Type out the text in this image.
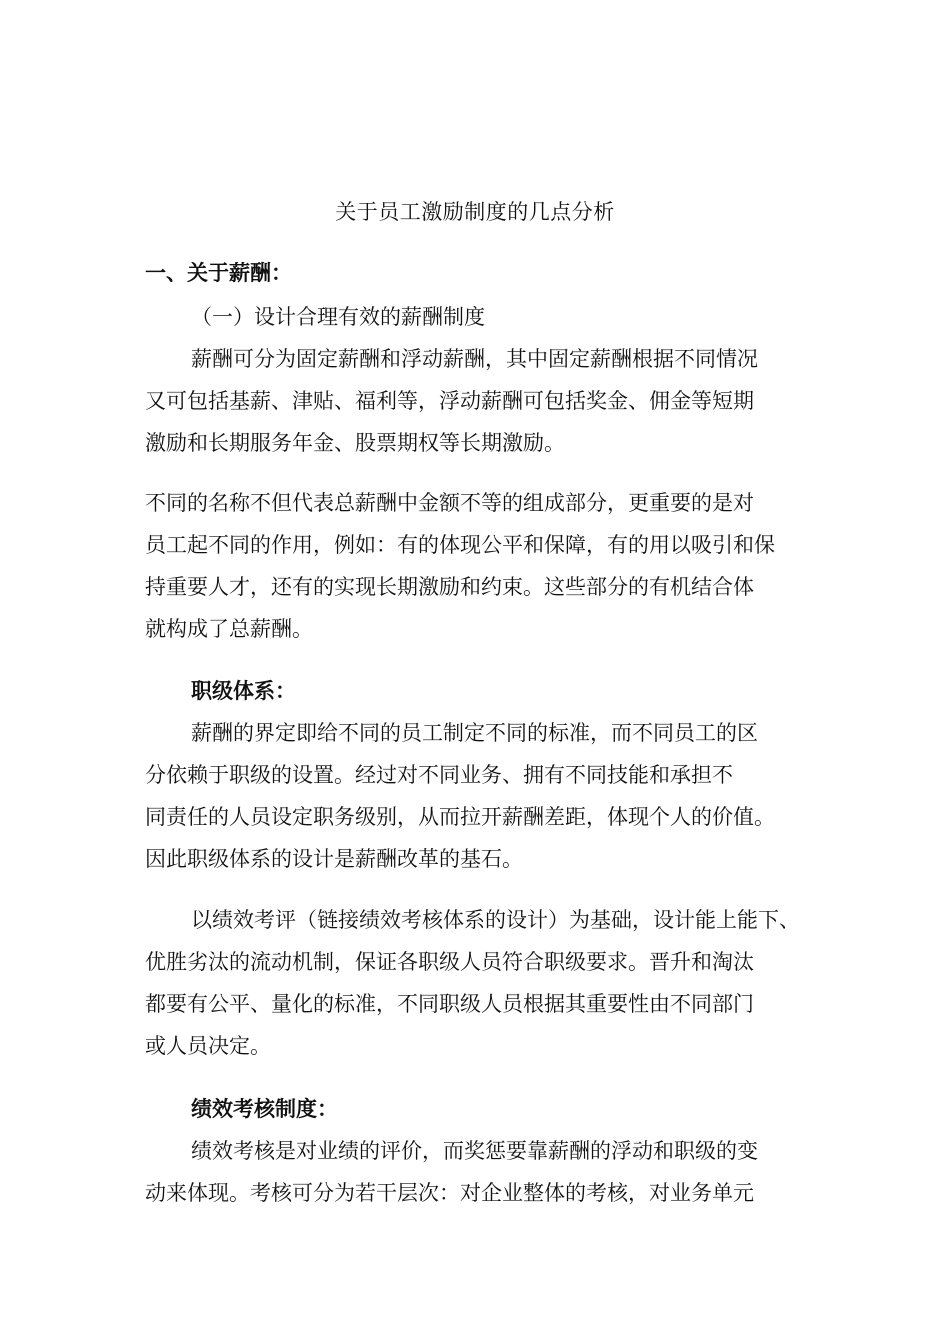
关于员工激励制度的几点分析
一、关于薪酬：
（一）设计合理有效的薪酬制度
薪酬可分为固定薪酬和浮动薪酬，其中固定薪酬根据不同情况
又可包括基薪、津贴、福利等，浮动薪酬可包括奖金、佣金等短期
激励和长期服务年金、股票期权等长期激励。
不同的名称不但代表总薪酬中金额不等的组成部分，更重要的是对
员工起不同的作用，例如：有的体现公平和保障，有的用以吸引和保
持重要人才，还有的实现长期激励和约束。这些部分的有机结合体
就构成了总薪酬。
职级体系：
薪酬的界定即给不同的员工制定不同的标准，而不同员工的区
分依赖于职级的设置。经过对不同业务、拥有不同技能和承担不
同责任的人员设定职务级别，从而拉开薪酬差距，体现个人的价值。
因此职级体系的设计是薪酬改革的基石。
以绩效考评（链接绩效考核体系的设计）为基础，设计能上能下、
优胜劣汰的流动机制，保证各职级人员符合职级要求。晋升和淘汰
都要有公平、量化的标准，不同职级人员根据其重要性由不同部门
或人员决定。
绩效考核制度：
绩效考核是对业绩的评价，而奖惩要靠薪酬的浮动和职级的变
动来体现。考核可分为若干层次：对企业整体的考核，对业务单元
